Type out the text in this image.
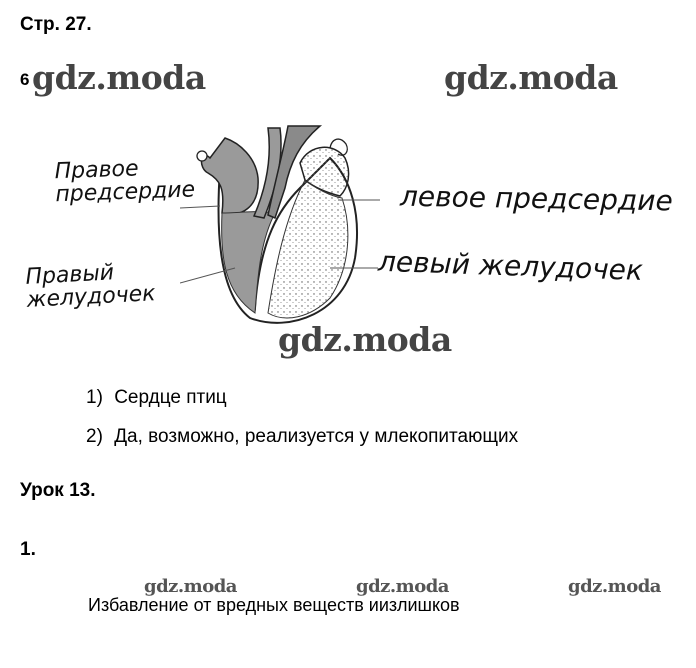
Стр. 27.
6 gdz.moda	gdz.moda
Правое предсердие
Правый желудочек
левое предсердие
левый желудочек
gdz.moda
1) Сердце птиц
2) Да, возможно, реализуется у млекопитающих
Урок 13.
1.
gdz.moda	gdz.moda	gdz.moda
Избавление от вредных веществ иизлишков
